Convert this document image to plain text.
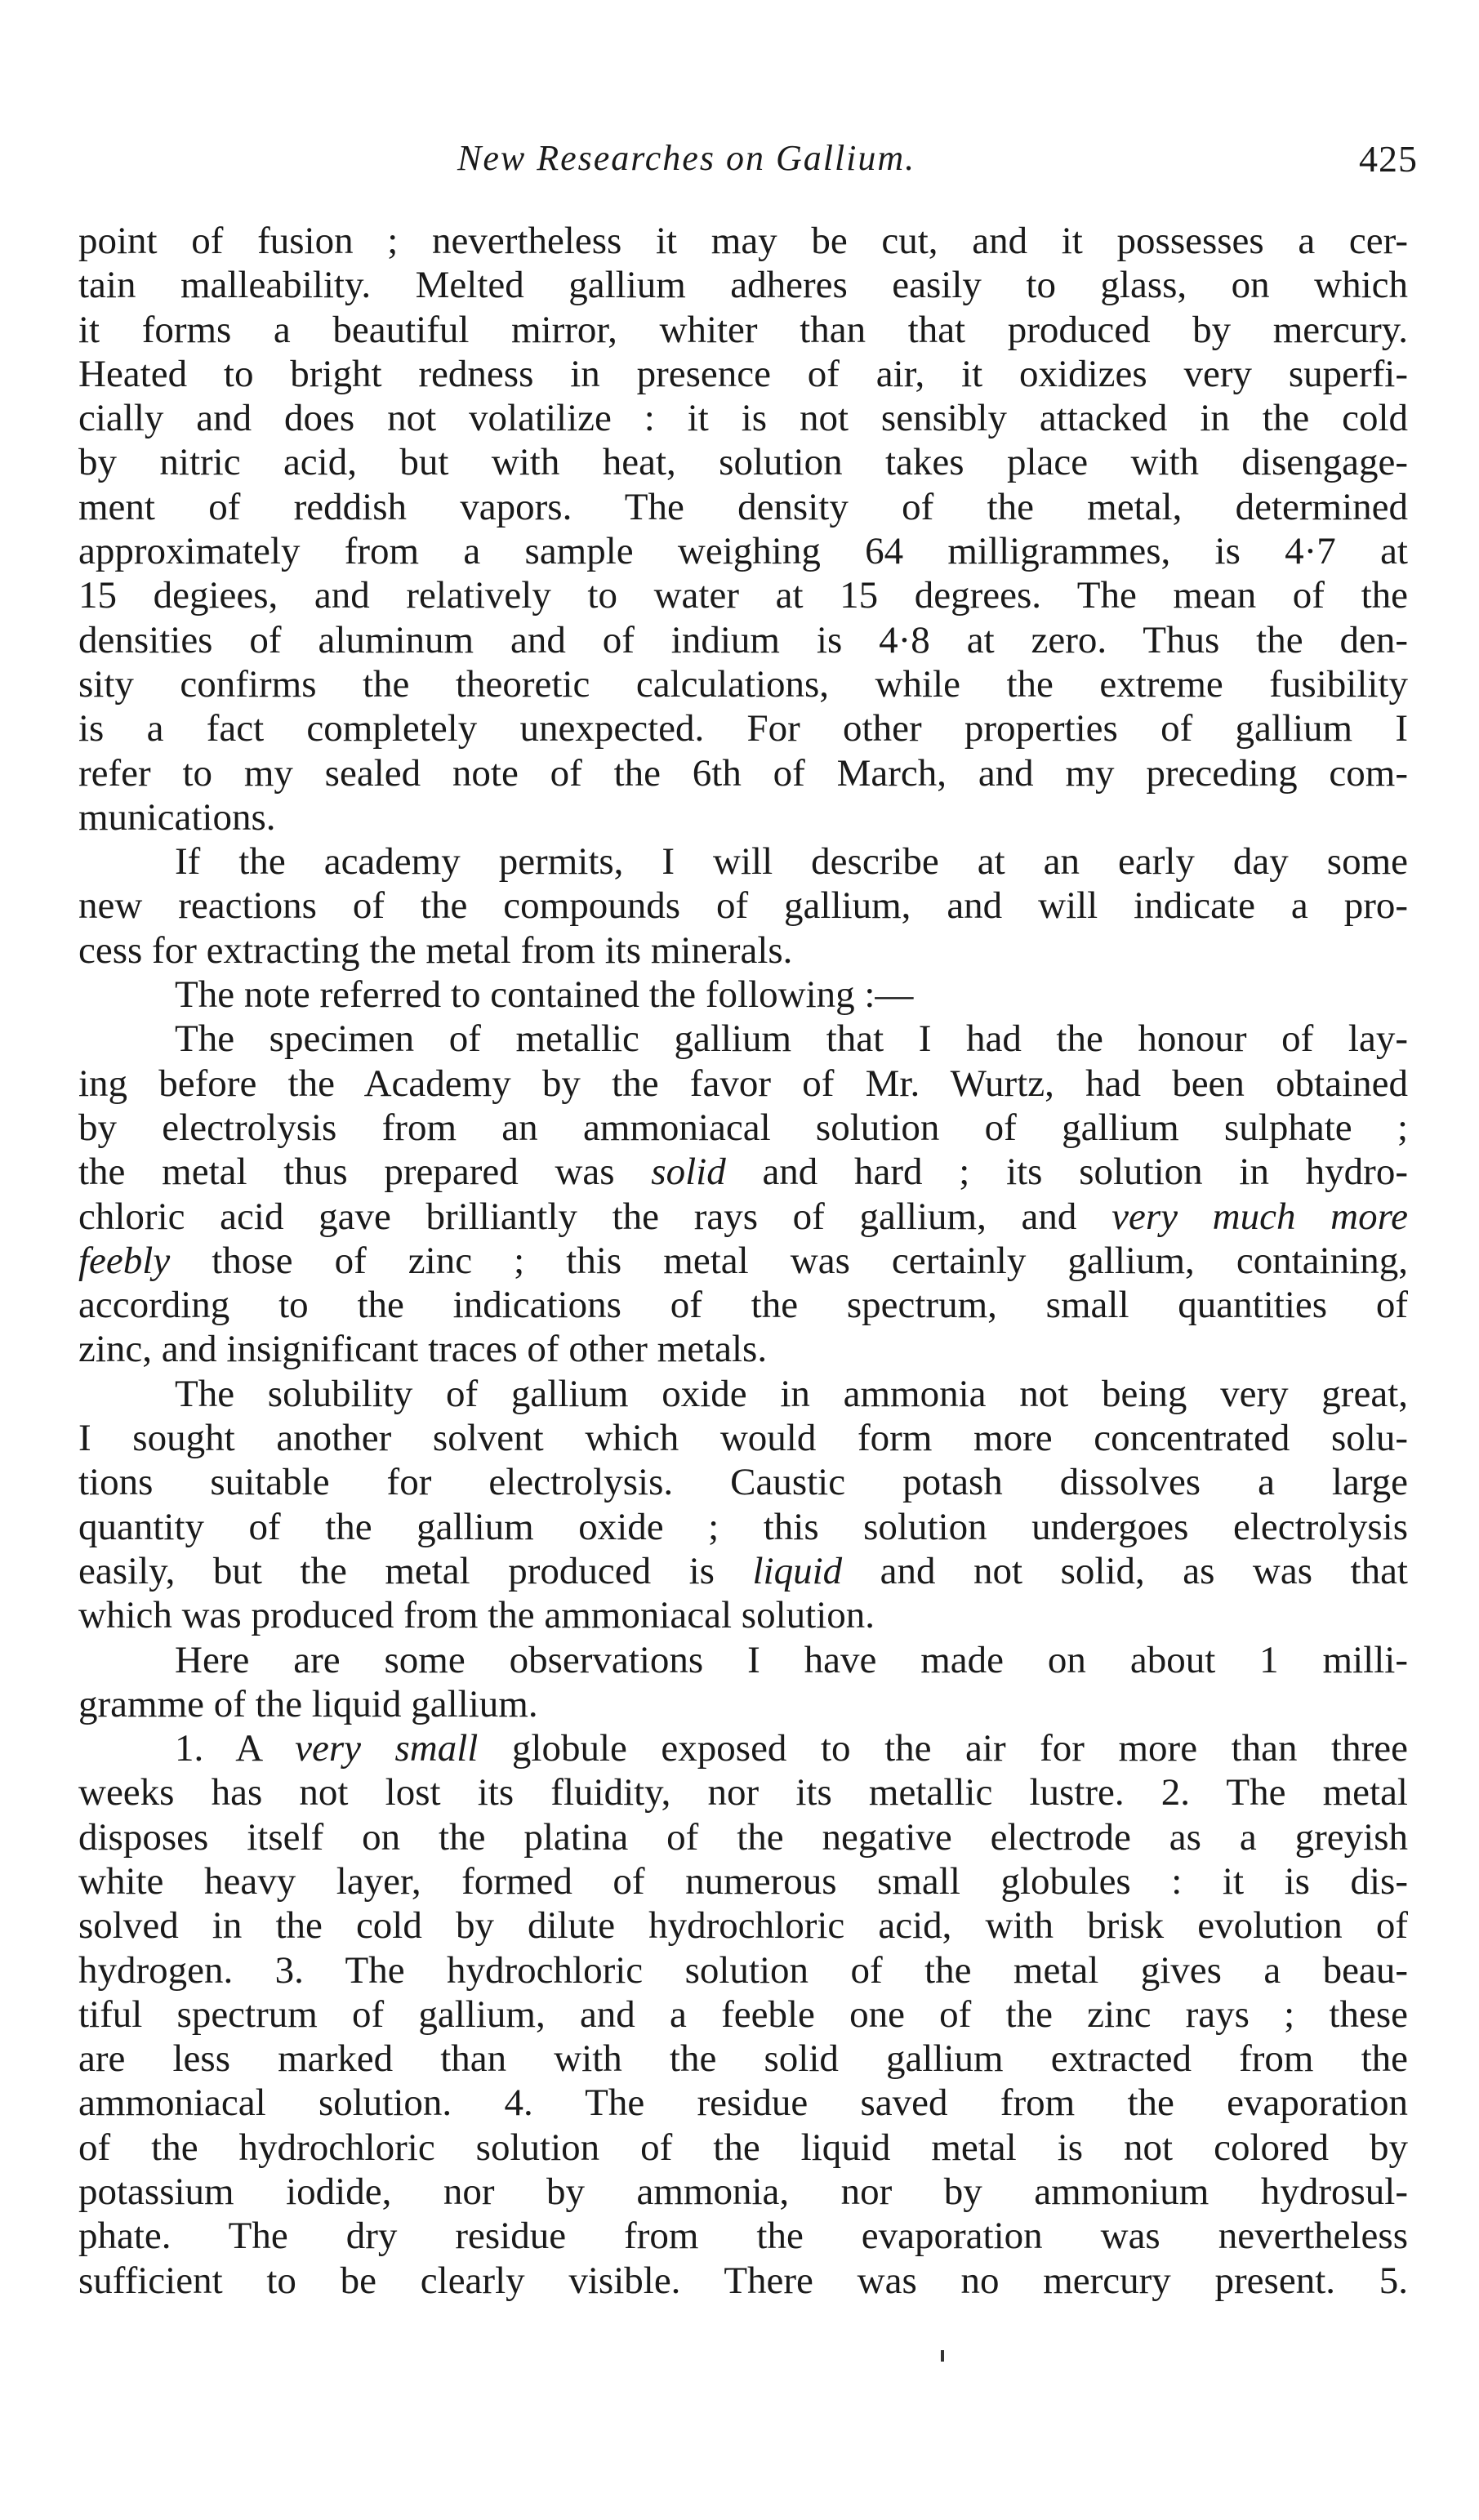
New Researches on Gallium.	425
point of fusion ; nevertheless it may be cut, and it possesses a cer-
tain malleability. Melted gallium adheres easily to glass, on which
it forms a beautiful mirror, whiter than that produced by mercury.
Heated to bright redness in presence of air, it oxidizes very superfi-
cially and does not volatilize : it is not sensibly attacked in the cold
by nitric acid, but with heat, solution takes place with disengage-
ment of reddish vapors. The density of the metal, determined
approximately from a sample weighing 64 milligrammes, is 4·7 at
15 degiees, and relatively to water at 15 degrees. The mean of the
densities of aluminum and of indium is 4·8 at zero. Thus the den-
sity confirms the theoretic calculations, while the extreme fusibility
is a fact completely unexpected. For other properties of gallium I
refer to my sealed note of the 6th of March, and my preceding com-
munications.
If the academy permits, I will describe at an early day some
new reactions of the compounds of gallium, and will indicate a pro-
cess for extracting the metal from its minerals.
The note referred to contained the following :—
The specimen of metallic gallium that I had the honour of lay-
ing before the Academy by the favor of Mr. Wurtz, had been obtained
by electrolysis from an ammoniacal solution of gallium sulphate ;
the metal thus prepared was solid and hard ; its solution in hydro-
chloric acid gave brilliantly the rays of gallium, and very much more
feebly those of zinc ; this metal was certainly gallium, containing,
according to the indications of the spectrum, small quantities of
zinc, and insignificant traces of other metals.
The solubility of gallium oxide in ammonia not being very great,
I sought another solvent which would form more concentrated solu-
tions suitable for electrolysis. Caustic potash dissolves a large
quantity of the gallium oxide ; this solution undergoes electrolysis
easily, but the metal produced is liquid and not solid, as was that
which was produced from the ammoniacal solution.
Here are some observations I have made on about 1 milli-
gramme of the liquid gallium.
1. A very small globule exposed to the air for more than three
weeks has not lost its fluidity, nor its metallic lustre. 2. The metal
disposes itself on the platina of the negative electrode as a greyish
white heavy layer, formed of numerous small globules : it is dis-
solved in the cold by dilute hydrochloric acid, with brisk evolution of
hydrogen. 3. The hydrochloric solution of the metal gives a beau-
tiful spectrum of gallium, and a feeble one of the zinc rays ; these
are less marked than with the solid gallium extracted from the
ammoniacal solution. 4. The residue saved from the evaporation
of the hydrochloric solution of the liquid metal is not colored by
potassium iodide, nor by ammonia, nor by ammonium hydrosul-
phate. The dry residue from the evaporation was nevertheless
sufficient to be clearly visible. There was no mercury present. 5.
